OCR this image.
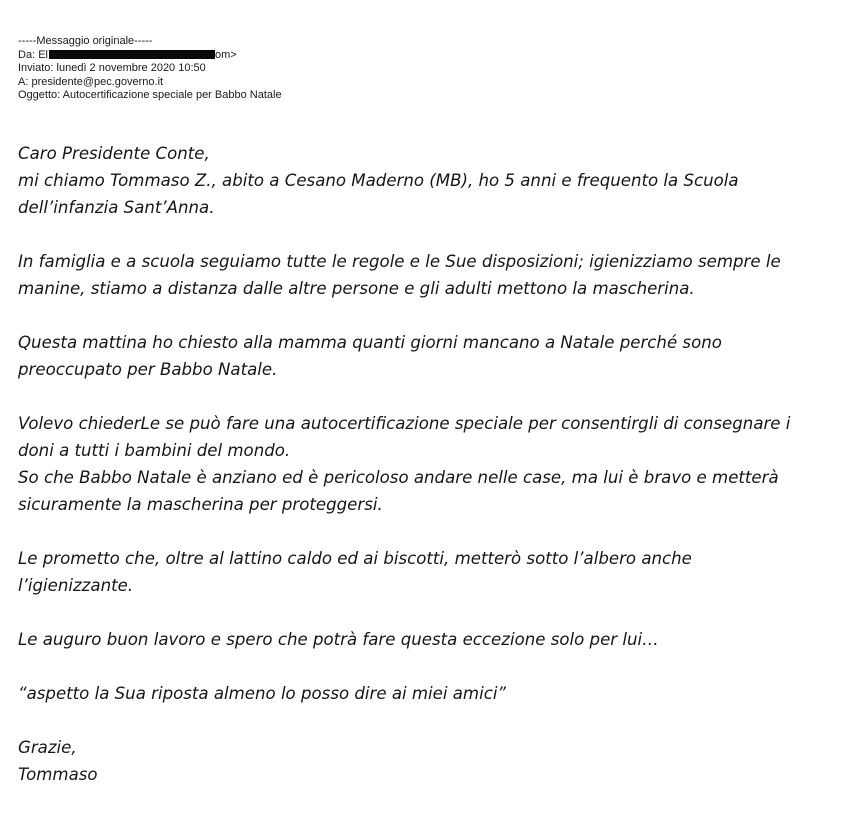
-----Messaggio originale-----
Da: El	om>
Inviato: lunedì 2 novembre 2020 10:50
A: presidente@pec.governo.it
Oggetto: Autocertificazione speciale per Babbo Natale
Caro Presidente Conte,
mi chiamo Tommaso Z., abito a Cesano Maderno (MB), ho 5 anni e frequento la Scuola
dell’infanzia Sant’Anna.
In famiglia e a scuola seguiamo tutte le regole e le Sue disposizioni; igienizziamo sempre le
manine, stiamo a distanza dalle altre persone e gli adulti mettono la mascherina.
Questa mattina ho chiesto alla mamma quanti giorni mancano a Natale perché sono
preoccupato per Babbo Natale.
Volevo chiederLe se può fare una autocertificazione speciale per consentirgli di consegnare i
doni a tutti i bambini del mondo.
So che Babbo Natale è anziano ed è pericoloso andare nelle case, ma lui è bravo e metterà
sicuramente la mascherina per proteggersi.
Le prometto che, oltre al lattino caldo ed ai biscotti, metterò sotto l’albero anche
l’igienizzante.
Le auguro buon lavoro e spero che potrà fare questa eccezione solo per lui…
“aspetto la Sua riposta almeno lo posso dire ai miei amici”
Grazie,
Tommaso
